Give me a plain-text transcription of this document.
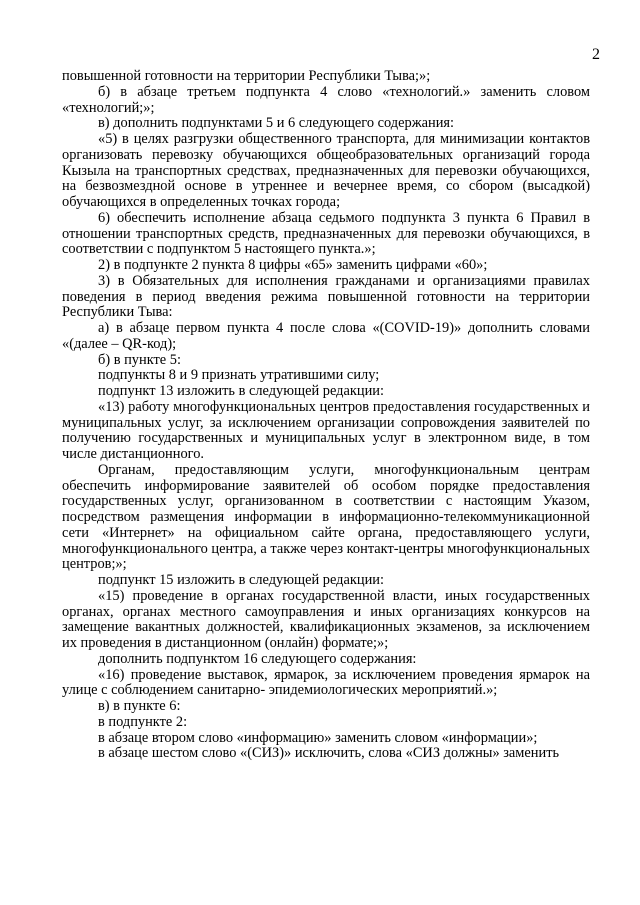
2

повышенной готовности на территории Республики Тыва;»;

б) в абзаце третьем подпункта 4 слово «технологий.» заменить словом «технологий;»;

в) дополнить подпунктами 5 и 6 следующего содержания:

«5) в целях разгрузки общественного транспорта, для минимизации контактов организовать перевозку обучающихся общеобразовательных организаций города Кызыла на транспортных средствах, предназначенных для перевозки обучающихся, на безвозмездной основе в утреннее и вечернее время, со сбором (высадкой) обучающихся в определенных точках города;

6) обеспечить исполнение абзаца седьмого подпункта 3 пункта 6 Правил в отношении транспортных средств, предназначенных для перевозки обучающихся, в соответствии с подпунктом 5 настоящего пункта.»;

2) в подпункте 2 пункта 8 цифры «65» заменить цифрами «60»;

3) в Обязательных для исполнения гражданами и организациями правилах поведения в период введения режима повышенной готовности на территории Республики Тыва:

а) в абзаце первом пункта 4 после слова «(COVID-19)» дополнить словами «(далее – QR-код);

б) в пункте 5:

подпункты 8 и 9 признать утратившими силу;

подпункт 13 изложить в следующей редакции:

«13) работу многофункциональных центров предоставления государственных и муниципальных услуг, за исключением организации сопровождения заявителей по получению государственных и муниципальных услуг в электронном виде, в том числе дистанционного.

Органам, предоставляющим услуги, многофункциональным центрам обеспечить информирование заявителей об особом порядке предоставления государственных услуг, организованном в соответствии с настоящим Указом, посредством размещения информации в информационно-телекоммуникационной сети «Интернет» на официальном сайте органа, предоставляющего услуги, многофункционального центра, а также через контакт-центры многофункциональных центров;»;

подпункт 15 изложить в следующей редакции:

«15) проведение в органах государственной власти, иных государственных органах, органах местного самоуправления и иных организациях конкурсов на замещение вакантных должностей, квалификационных экзаменов, за исключением их проведения в дистанционном (онлайн) формате;»;

дополнить подпунктом 16 следующего содержания:

«16) проведение выставок, ярмарок, за исключением проведения ярмарок на улице с соблюдением санитарно- эпидемиологических мероприятий.»;

в) в пункте 6:

в подпункте 2:

в абзаце втором слово «информацию» заменить словом «информации»;

в абзаце шестом слово «(СИЗ)» исключить, слова «СИЗ должны» заменить
